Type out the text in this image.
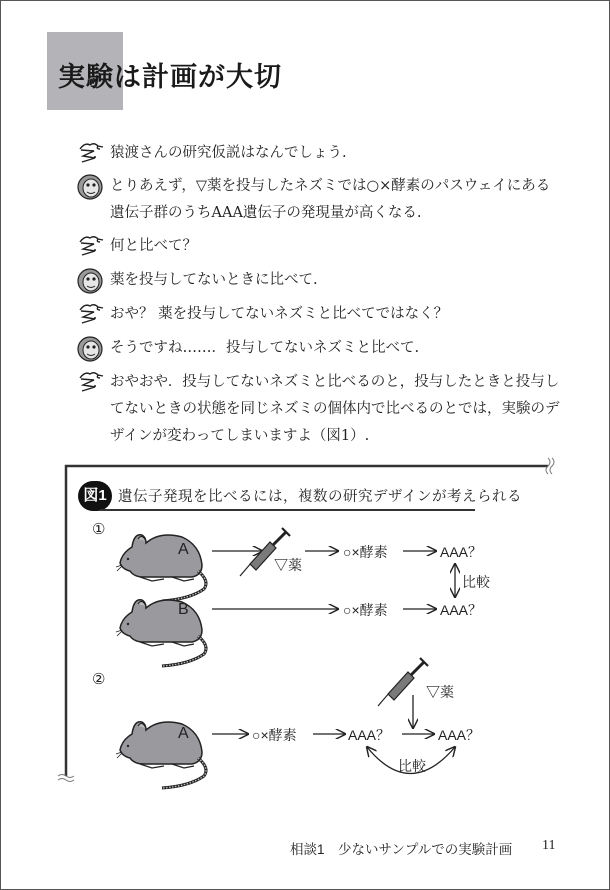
実験は計画が大切
猿渡さんの研究仮説はなんでしょう.
とりあえず，▽薬を投与したネズミでは○×酵素のパスウェイにある
遺伝子群のうちAAA遺伝子の発現量が高くなる.
何と比べて？
薬を投与してないときに比べて.
おや？ 薬を投与してないネズミと比べてではなく？
そうですね……．投与してないネズミと比べて.
おやおや．投与してないネズミと比べるのと，投与したときと投与し
てないときの状態を同じネズミの個体内で比べるのとでは，実験のデ
ザインが変わってしまいますよ（図1）.
図1 遺伝子発現を比べるには，複数の研究デザインが考えられる
①
A
B
▽薬
○×酵素	AAA？
比較
○×酵素	AAA？
②
A	○×酵素	AAA？
▽薬
AAA？
比較
相談1　少ないサンプルでの実験計画 11
